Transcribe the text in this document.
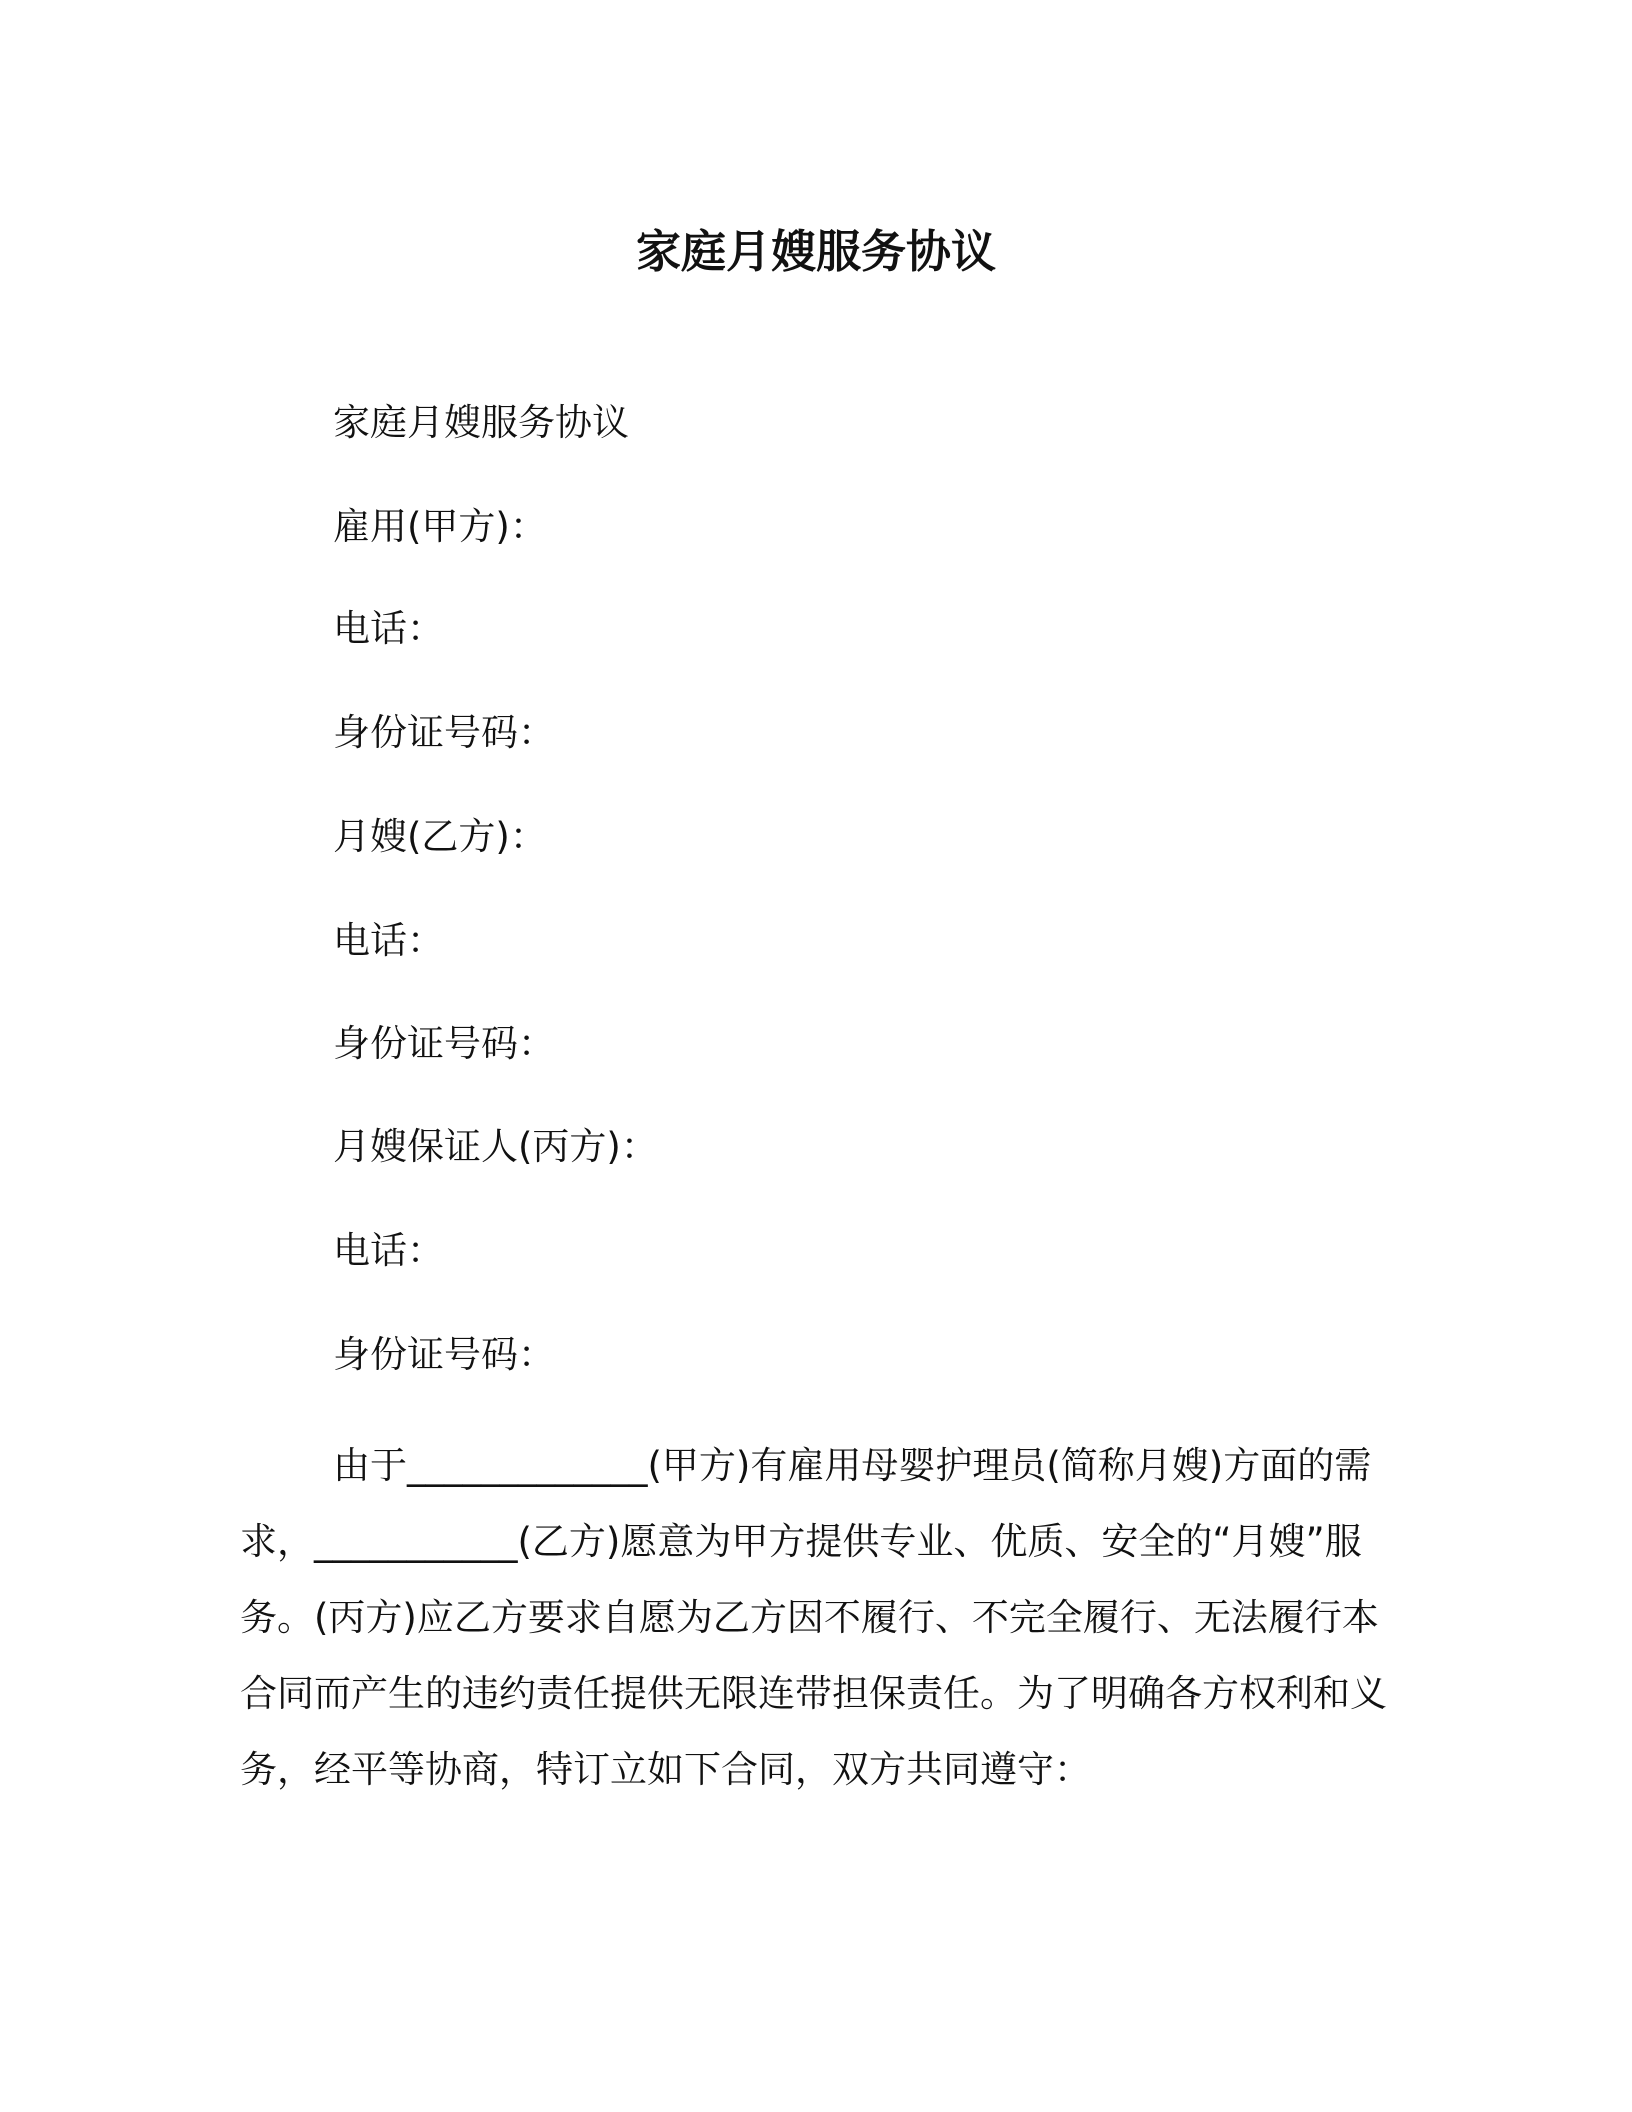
家庭月嫂服务协议
家庭月嫂服务协议
雇用(甲方)：
电话：
身份证号码：
月嫂(乙方)：
电话：
身份证号码：
月嫂保证人(丙方)：
电话：
身份证号码：

由于_____________(甲方)有雇用母婴护理员(简称月嫂)方面的需求，___________(乙方)愿意为甲方提供专业、优质、安全的“月嫂”服务。(丙方)应乙方要求自愿为乙方因不履行、不完全履行、无法履行本合同而产生的违约责任提供无限连带担保责任。为了明确各方权利和义务，经平等协商，特订立如下合同，双方共同遵守：
